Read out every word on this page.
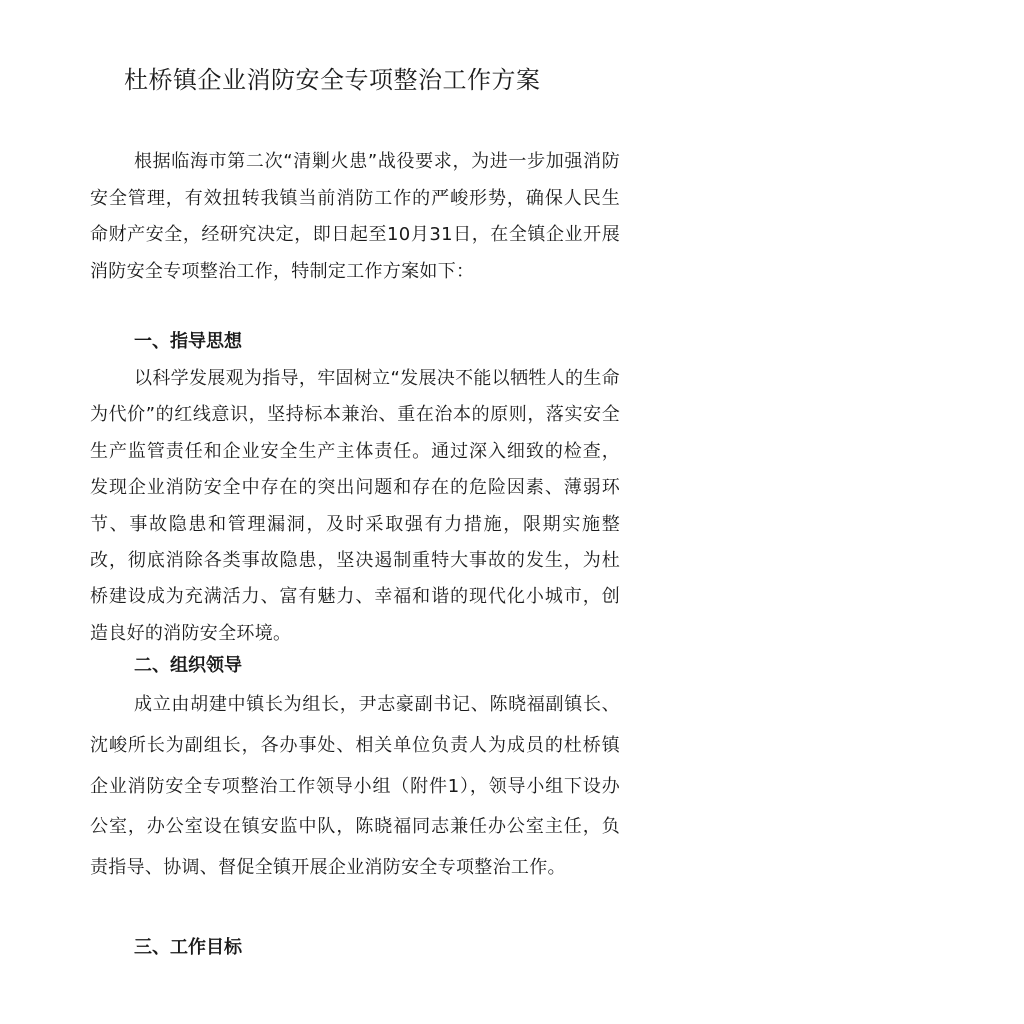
杜桥镇企业消防安全专项整治工作方案

根据临海市第二次“清剿火患”战役要求，为进一步加强消防安全管理，有效扭转我镇当前消防工作的严峻形势，确保人民生命财产安全，经研究决定，即日起至10月31日，在全镇企业开展消防安全专项整治工作，特制定工作方案如下：

一、指导思想

以科学发展观为指导，牢固树立“发展决不能以牺牲人的生命为代价”的红线意识，坚持标本兼治、重在治本的原则，落实安全生产监管责任和企业安全生产主体责任。通过深入细致的检查，发现企业消防安全中存在的突出问题和存在的危险因素、薄弱环节、事故隐患和管理漏洞，及时采取强有力措施，限期实施整改，彻底消除各类事故隐患，坚决遏制重特大事故的发生，为杜桥建设成为充满活力、富有魅力、幸福和谐的现代化小城市，创造良好的消防安全环境。

二、组织领导

成立由胡建中镇长为组长，尹志豪副书记、陈晓福副镇长、沈峻所长为副组长，各办事处、相关单位负责人为成员的杜桥镇企业消防安全专项整治工作领导小组（附件1），领导小组下设办公室，办公室设在镇安监中队，陈晓福同志兼任办公室主任，负责指导、协调、督促全镇开展企业消防安全专项整治工作。

三、工作目标
